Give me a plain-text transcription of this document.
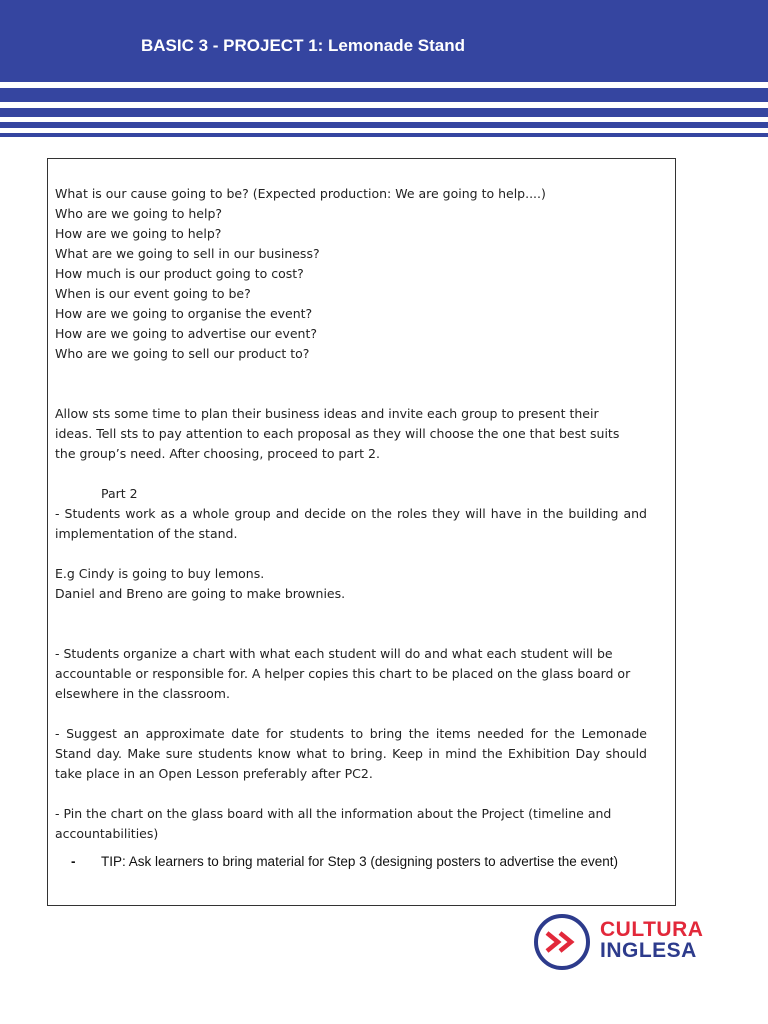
BASIC 3 - PROJECT 1: Lemonade Stand
What is our cause going to be? (Expected production: We are going to help....)
Who are we going to help?
How are we going to help?
What are we going to sell in our business?
How much is our product going to cost?
When is our event going to be?
How are we going to organise the event?
How are we going to advertise our event?
Who are we going to sell our product to?
Allow sts some time to plan their business ideas and invite each group to present their
ideas. Tell sts to pay attention to each proposal as they will choose the one that best suits
the group’s need. After choosing, proceed to part 2.
Part 2
- Students work as a whole group and decide on the roles they will have in the building and implementation of the stand.
E.g Cindy is going to buy lemons.
Daniel and Breno are going to make brownies.
- Students organize a chart with what each student will do and what each student will be accountable or responsible for. A helper copies this chart to be placed on the glass board or elsewhere in the classroom.
- Suggest an approximate date for students to bring the items needed for the Lemonade Stand day. Make sure students know what to bring. Keep in mind the Exhibition Day should take place in an Open Lesson preferably after PC2.
- Pin the chart on the glass board with all the information about the Project (timeline and accountabilities)
-	TIP: Ask learners to bring material for Step 3 (designing posters to advertise the event)
CULTURA
INGLESA
